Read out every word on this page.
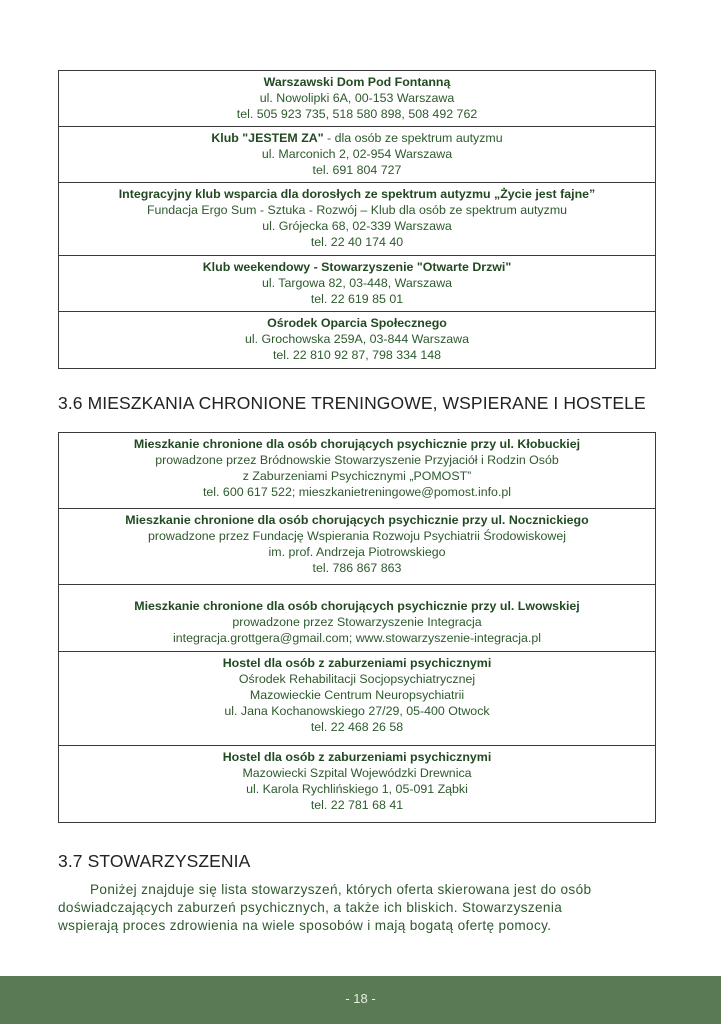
Warszawski Dom Pod Fontanną
ul. Nowolipki 6A, 00-153 Warszawa
tel. 505 923 735, 518 580 898, 508 492 762
Klub "JESTEM ZA" - dla osób ze spektrum autyzmu
ul. Marconich 2, 02-954 Warszawa
tel. 691 804 727
Integracyjny klub wsparcia dla dorosłych ze spektrum autyzmu „Życie jest fajne”
Fundacja Ergo Sum - Sztuka - Rozwój – Klub dla osób ze spektrum autyzmu
ul. Grójecka 68, 02-339 Warszawa
tel. 22 40 174 40
Klub weekendowy - Stowarzyszenie "Otwarte Drzwi"
ul. Targowa 82, 03-448, Warszawa
tel. 22 619 85 01
Ośrodek Oparcia Społecznego
ul. Grochowska 259A, 03-844 Warszawa
tel. 22 810 92 87, 798 334 148
3.6 MIESZKANIA CHRONIONE TRENINGOWE, WSPIERANE I HOSTELE
Mieszkanie chronione dla osób chorujących psychicznie przy ul. Kłobuckiej
prowadzone przez Bródnowskie Stowarzyszenie Przyjaciół i Rodzin Osób
z Zaburzeniami Psychicznymi „POMOST”
tel. 600 617 522; mieszkanietreningowe@pomost.info.pl
Mieszkanie chronione dla osób chorujących psychicznie przy ul. Nocznickiego
prowadzone przez Fundację Wspierania Rozwoju Psychiatrii Środowiskowej
im. prof. Andrzeja Piotrowskiego
tel. 786 867 863
Mieszkanie chronione dla osób chorujących psychicznie przy ul. Lwowskiej
prowadzone przez Stowarzyszenie Integracja
integracja.grottgera@gmail.com; www.stowarzyszenie-integracja.pl
Hostel dla osób z zaburzeniami psychicznymi
Ośrodek Rehabilitacji Socjopsychiatrycznej
Mazowieckie Centrum Neuropsychiatrii
ul. Jana Kochanowskiego 27/29, 05-400 Otwock
tel. 22 468 26 58
Hostel dla osób z zaburzeniami psychicznymi
Mazowiecki Szpital Wojewódzki Drewnica
ul. Karola Rychlińskiego 1, 05-091 Ząbki
tel. 22 781 68 41
3.7 STOWARZYSZENIA
Poniżej znajduje się lista stowarzyszeń, których oferta skierowana jest do osób
doświadczających zaburzeń psychicznych, a także ich bliskich. Stowarzyszenia
wspierają proces zdrowienia na wiele sposobów i mają bogatą ofertę pomocy.
- 18 -
